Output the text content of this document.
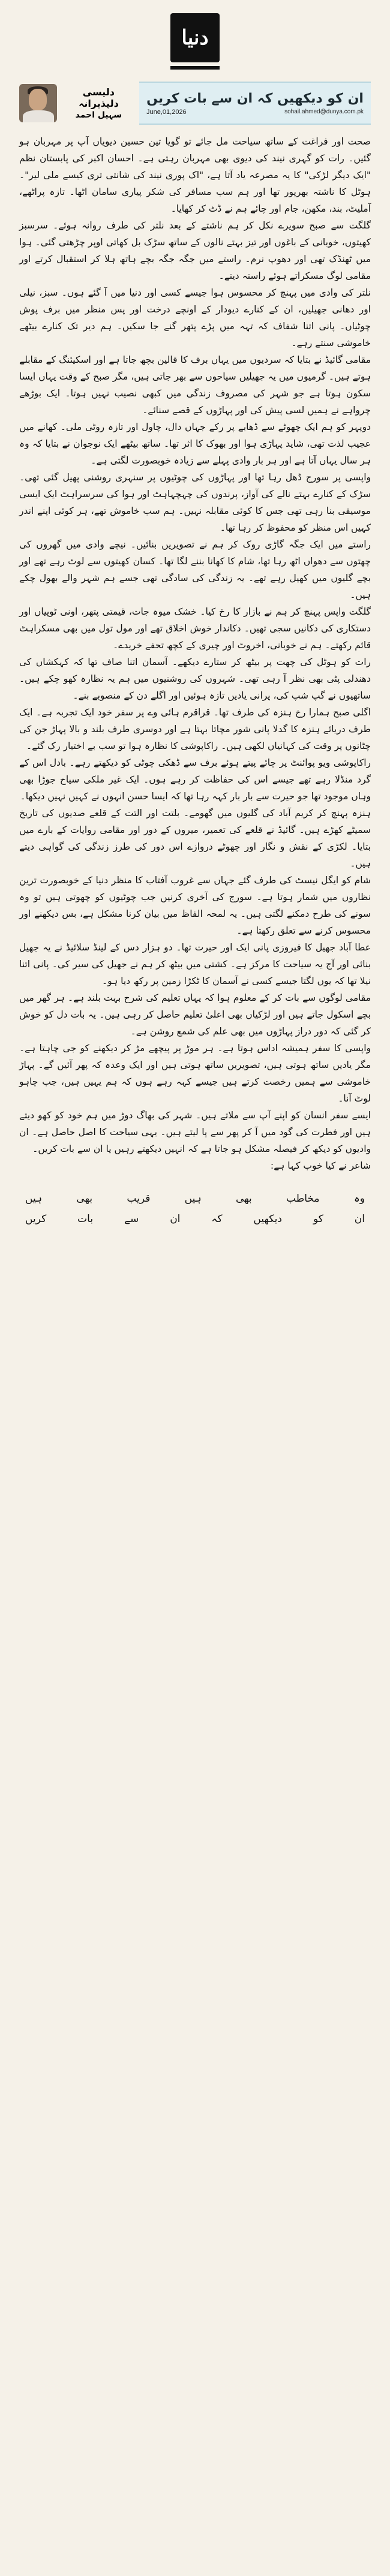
دنیا
دلیسی دلپذیرانہ
سہیل احمد
ان کو دیکھیں کہ ان سے بات کریں
June,01,2026	sohail.ahmed@dunya.com.pk

صحت اور فراغت کے ساتھ سیاحت مل جائے تو گویا تین حسین دیویاں آپ پر مہربان ہو گئیں۔ رات کو گہری نیند کی دیوی بھی مہربان رہتی ہے۔ احسان اکبر کی پابستان نظم "ایک دیگر لڑکی" کا یہ مصرعہ یاد آتا ہے، "اک پوری نیند کی شانتی تری کیسے ملی لیر"۔ ہوٹل کا ناشتہ بھرپور تھا اور ہم سب مسافر کی شکر پیاری سامان اٹھا۔ تازہ پراٹھے، آملیٹ، بند، مکھن، جام اور چائے ہم نے ڈٹ کر کھایا۔

گلگت سے صبح سویرے نکل کر ہم ناشتے کے بعد نلتر کی طرف روانہ ہوئے۔ سرسبز کھیتوں، خوبانی کے باغوں اور تیز بہتے نالوں کے ساتھ سڑک بل کھاتی اوپر چڑھتی گئی۔ ہوا میں ٹھنڈک تھی اور دھوپ نرم۔ راستے میں جگہ جگہ بچے ہاتھ ہلا کر استقبال کرتے اور مقامی لوگ مسکراتے ہوئے راستہ دیتے۔

نلتر کی وادی میں پہنچ کر محسوس ہوا جیسے کسی اور دنیا میں آ گئے ہوں۔ سبز، نیلی اور دھانی جھیلیں، ان کے کنارے دیودار کے اونچے درخت اور پس منظر میں برف پوش چوٹیاں۔ پانی اتنا شفاف کہ تہہ میں پڑے پتھر گنے جا سکیں۔ ہم دیر تک کنارے بیٹھے خاموشی سنتے رہے۔

مقامی گائیڈ نے بتایا کہ سردیوں میں یہاں برف کا قالین بچھ جاتا ہے اور اسکیئنگ کے مقابلے ہوتے ہیں۔ گرمیوں میں یہ جھیلیں سیاحوں سے بھر جاتی ہیں، مگر صبح کے وقت یہاں ایسا سکون ہوتا ہے جو شہر کی مصروف زندگی میں کبھی نصیب نہیں ہوتا۔ ایک بوڑھے چرواہے نے ہمیں لسی پیش کی اور پہاڑوں کے قصے سنائے۔

دوپہر کو ہم ایک چھوٹے سے ڈھابے پر رکے جہاں دال، چاول اور تازہ روٹی ملی۔ کھانے میں عجیب لذت تھی، شاید پہاڑی ہوا اور بھوک کا اثر تھا۔ ساتھ بیٹھے ایک نوجوان نے بتایا کہ وہ ہر سال یہاں آتا ہے اور ہر بار وادی پہلے سے زیادہ خوبصورت لگتی ہے۔

واپسی پر سورج ڈھل رہا تھا اور پہاڑوں کی چوٹیوں پر سنہری روشنی پھیل گئی تھی۔ سڑک کے کنارے بہتے نالے کی آواز، پرندوں کی چہچہاہٹ اور ہوا کی سرسراہٹ ایک ایسی موسیقی بنا رہی تھی جس کا کوئی مقابلہ نہیں۔ ہم سب خاموش تھے، ہر کوئی اپنے اندر کہیں اس منظر کو محفوظ کر رہا تھا۔

راستے میں ایک جگہ گاڑی روک کر ہم نے تصویریں بنائیں۔ نیچے وادی میں گھروں کی چھتوں سے دھواں اٹھ رہا تھا، شام کا کھانا بننے لگا تھا۔ کسان کھیتوں سے لوٹ رہے تھے اور بچے گلیوں میں کھیل رہے تھے۔ یہ زندگی کی سادگی تھی جسے ہم شہر والے بھول چکے ہیں۔

گلگت واپس پہنچ کر ہم نے بازار کا رخ کیا۔ خشک میوہ جات، قیمتی پتھر، اونی ٹوپیاں اور دستکاری کی دکانیں سجی تھیں۔ دکاندار خوش اخلاق تھے اور مول تول میں بھی مسکراہٹ قائم رکھتے۔ ہم نے خوبانی، اخروٹ اور چیری کے کچھ تحفے خریدے۔

رات کو ہوٹل کی چھت پر بیٹھ کر ستارے دیکھے۔ آسمان اتنا صاف تھا کہ کہکشاں کی دھندلی پٹی بھی نظر آ رہی تھی۔ شہروں کی روشنیوں میں ہم یہ نظارہ کھو چکے ہیں۔ ساتھیوں نے گپ شپ کی، پرانی یادیں تازہ ہوئیں اور اگلے دن کے منصوبے بنے۔

اگلی صبح ہمارا رخ ہنزہ کی طرف تھا۔ قراقرم ہائی وے پر سفر خود ایک تجربہ ہے۔ ایک طرف دریائے ہنزہ کا گدلا پانی شور مچاتا بہتا ہے اور دوسری طرف بلند و بالا پہاڑ جن کی چٹانوں پر وقت کی کہانیاں لکھی ہیں۔ راکاپوشی کا نظارہ ہوا تو سب بے اختیار رک گئے۔

راکاپوشی ویو پوائنٹ پر چائے پیتے ہوئے برف سے ڈھکی چوٹی کو دیکھتے رہے۔ بادل اس کے گرد منڈلا رہے تھے جیسے اس کی حفاظت کر رہے ہوں۔ ایک غیر ملکی سیاح جوڑا بھی وہاں موجود تھا جو حیرت سے بار بار کہہ رہا تھا کہ ایسا حسن انہوں نے کہیں نہیں دیکھا۔

ہنزہ پہنچ کر کریم آباد کی گلیوں میں گھومے۔ بلتت اور التت کے قلعے صدیوں کی تاریخ سمیٹے کھڑے ہیں۔ گائیڈ نے قلعے کی تعمیر، میروں کے دور اور مقامی روایات کے بارے میں بتایا۔ لکڑی کے نقش و نگار اور چھوٹے دروازے اس دور کی طرز زندگی کی گواہی دیتے ہیں۔

شام کو ایگل نیسٹ کی طرف گئے جہاں سے غروب آفتاب کا منظر دنیا کے خوبصورت ترین نظاروں میں شمار ہوتا ہے۔ سورج کی آخری کرنیں جب چوٹیوں کو چھوتی ہیں تو وہ سونے کی طرح دمکنے لگتی ہیں۔ یہ لمحہ الفاظ میں بیان کرنا مشکل ہے، بس دیکھنے اور محسوس کرنے سے تعلق رکھتا ہے۔

عطا آباد جھیل کا فیروزی پانی ایک اور حیرت تھا۔ دو ہزار دس کے لینڈ سلائیڈ نے یہ جھیل بنائی اور آج یہ سیاحت کا مرکز ہے۔ کشتی میں بیٹھ کر ہم نے جھیل کی سیر کی۔ پانی اتنا نیلا تھا کہ یوں لگتا جیسے کسی نے آسمان کا ٹکڑا زمین پر رکھ دیا ہو۔

مقامی لوگوں سے بات کر کے معلوم ہوا کہ یہاں تعلیم کی شرح بہت بلند ہے۔ ہر گھر میں بچے اسکول جاتے ہیں اور لڑکیاں بھی اعلیٰ تعلیم حاصل کر رہی ہیں۔ یہ بات دل کو خوش کر گئی کہ دور دراز پہاڑوں میں بھی علم کی شمع روشن ہے۔

واپسی کا سفر ہمیشہ اداس ہوتا ہے۔ ہر موڑ پر پیچھے مڑ کر دیکھنے کو جی چاہتا ہے۔ مگر یادیں ساتھ ہوتی ہیں، تصویریں ساتھ ہوتی ہیں اور ایک وعدہ کہ پھر آئیں گے۔ پہاڑ خاموشی سے ہمیں رخصت کرتے ہیں جیسے کہہ رہے ہوں کہ ہم یہیں ہیں، جب چاہو لوٹ آنا۔

ایسے سفر انسان کو اپنے آپ سے ملاتے ہیں۔ شہر کی بھاگ دوڑ میں ہم خود کو کھو دیتے ہیں اور فطرت کی گود میں آ کر پھر سے پا لیتے ہیں۔ یہی سیاحت کا اصل حاصل ہے۔ ان وادیوں کو دیکھ کر فیصلہ مشکل ہو جاتا ہے کہ انہیں دیکھتے رہیں یا ان سے بات کریں۔

شاعر نے کیا خوب کہا ہے:

وہ
مخاطب
بھی
ہیں
قریب
بھی
ہیں
ان
کو
دیکھیں
کہ
ان
سے
بات
کریں
